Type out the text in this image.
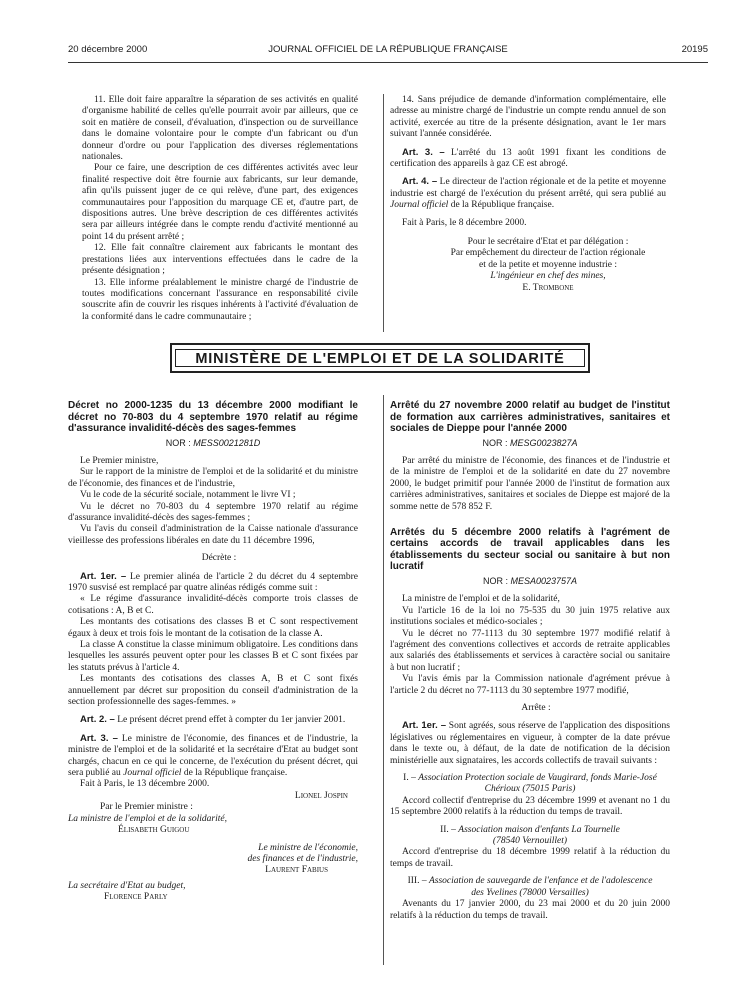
20 décembre 2000	JOURNAL OFFICIEL DE LA RÉPUBLIQUE FRANÇAISE	20195

11. Elle doit faire apparaître la séparation de ses activités en qualité d'organisme habilité de celles qu'elle pourrait avoir par ailleurs, que ce soit en matière de conseil, d'évaluation, d'inspection ou de surveillance dans le domaine volontaire pour le compte d'un fabricant ou d'un donneur d'ordre ou pour l'application des diverses réglementations nationales.

Pour ce faire, une description de ces différentes activités avec leur finalité respective doit être fournie aux fabricants, sur leur demande, afin qu'ils puissent juger de ce qui relève, d'une part, des exigences communautaires pour l'apposition du marquage CE et, d'autre part, de dispositions autres. Une brève description de ces différentes activités sera par ailleurs intégrée dans le compte rendu d'activité mentionné au point 14 du présent arrêté ;

12. Elle fait connaître clairement aux fabricants le montant des prestations liées aux interventions effectuées dans le cadre de la présente désignation ;

13. Elle informe préalablement le ministre chargé de l'industrie de toutes modifications concernant l'assurance en responsabilité civile souscrite afin de couvrir les risques inhérents à l'activité d'évaluation de la conformité dans le cadre communautaire ;

14. Sans préjudice de demande d'information complémentaire, elle adresse au ministre chargé de l'industrie un compte rendu annuel de son activité, exercée au titre de la présente désignation, avant le 1er mars suivant l'année considérée.

Art. 3. – L'arrêté du 13 août 1991 fixant les conditions de certification des appareils à gaz CE est abrogé.

Art. 4. – Le directeur de l'action régionale et de la petite et moyenne industrie est chargé de l'exécution du présent arrêté, qui sera publié au Journal officiel de la République française.

Fait à Paris, le 8 décembre 2000.

Pour le secrétaire d'Etat et par délégation :
Par empêchement du directeur de l'action régionale
et de la petite et moyenne industrie :
L'ingénieur en chef des mines,
E. Trombone
MINISTÈRE DE L'EMPLOI ET DE LA SOLIDARITÉ
Décret no 2000-1235 du 13 décembre 2000 modifiant le décret no 70-803 du 4 septembre 1970 relatif au régime d'assurance invalidité-décès des sages-femmes
NOR : MESS0021281D

Le Premier ministre,

Sur le rapport de la ministre de l'emploi et de la solidarité et du ministre de l'économie, des finances et de l'industrie,

Vu le code de la sécurité sociale, notamment le livre VI ;

Vu le décret no 70-803 du 4 septembre 1970 relatif au régime d'assurance invalidité-décès des sages-femmes ;

Vu l'avis du conseil d'administration de la Caisse nationale d'assurance vieillesse des professions libérales en date du 11 décembre 1996,

Décrète :

Art. 1er. – Le premier alinéa de l'article 2 du décret du 4 septembre 1970 susvisé est remplacé par quatre alinéas rédigés comme suit :

« Le régime d'assurance invalidité-décès comporte trois classes de cotisations : A, B et C.

Les montants des cotisations des classes B et C sont respectivement égaux à deux et trois fois le montant de la cotisation de la classe A.

La classe A constitue la classe minimum obligatoire. Les conditions dans lesquelles les assurés peuvent opter pour les classes B et C sont fixées par les statuts prévus à l'article 4.

Les montants des cotisations des classes A, B et C sont fixés annuellement par décret sur proposition du conseil d'administration de la section professionnelle des sages-femmes. »

Art. 2. – Le présent décret prend effet à compter du 1er janvier 2001.

Art. 3. – Le ministre de l'économie, des finances et de l'industrie, la ministre de l'emploi et de la solidarité et la secrétaire d'Etat au budget sont chargés, chacun en ce qui le concerne, de l'exécution du présent décret, qui sera publié au Journal officiel de la République française.

Fait à Paris, le 13 décembre 2000.

Lionel Jospin
Par le Premier ministre :
La ministre de l'emploi et de la solidarité,
Élisabeth Guigou
Le ministre de l'économie,
des finances et de l'industrie,
Laurent Fabius
La secrétaire d'Etat au budget,
Florence Parly
Arrêté du 27 novembre 2000 relatif au budget de l'institut de formation aux carrières administratives, sanitaires et sociales de Dieppe pour l'année 2000
NOR : MESG0023827A

Par arrêté du ministre de l'économie, des finances et de l'industrie et de la ministre de l'emploi et de la solidarité en date du 27 novembre 2000, le budget primitif pour l'année 2000 de l'institut de formation aux carrières administratives, sanitaires et sociales de Dieppe est majoré de la somme nette de 578 852 F.

Arrêtés du 5 décembre 2000 relatifs à l'agrément de certains accords de travail applicables dans les établissements du secteur social ou sanitaire à but non lucratif
NOR : MESA0023757A

La ministre de l'emploi et de la solidarité,

Vu l'article 16 de la loi no 75-535 du 30 juin 1975 relative aux institutions sociales et médico-sociales ;

Vu le décret no 77-1113 du 30 septembre 1977 modifié relatif à l'agrément des conventions collectives et accords de retraite applicables aux salariés des établissements et services à caractère social ou sanitaire à but non lucratif ;

Vu l'avis émis par la Commission nationale d'agrément prévue à l'article 2 du décret no 77-1113 du 30 septembre 1977 modifié,

Arrête :

Art. 1er. – Sont agréés, sous réserve de l'application des dispositions législatives ou réglementaires en vigueur, à compter de la date prévue dans le texte ou, à défaut, de la date de notification de la décision ministérielle aux signataires, les accords collectifs de travail suivants :

I. – Association Protection sociale de Vaugirard, fonds Marie-José Chérioux (75015 Paris)

Accord collectif d'entreprise du 23 décembre 1999 et avenant no 1 du 15 septembre 2000 relatifs à la réduction du temps de travail.

II. – Association maison d'enfants La Tournelle

(78540 Vernouillet)

Accord d'entreprise du 18 décembre 1999 relatif à la réduction du temps de travail.

III. – Association de sauvegarde de l'enfance et de l'adolescence

des Yvelines (78000 Versailles)

Avenants du 17 janvier 2000, du 23 mai 2000 et du 20 juin 2000 relatifs à la réduction du temps de travail.
